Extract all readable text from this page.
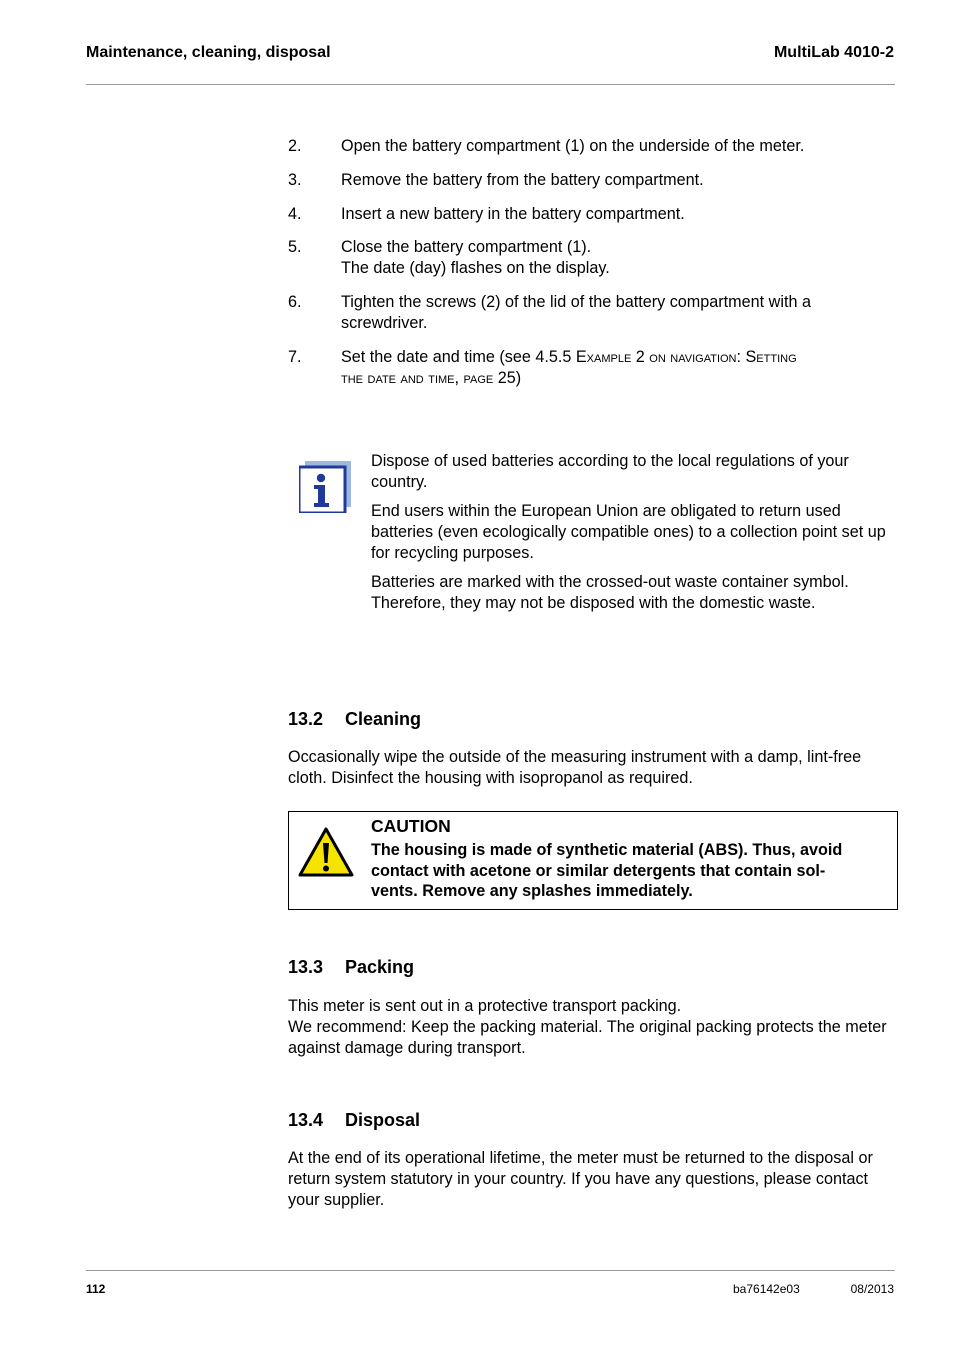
Maintenance, cleaning, disposal	MultiLab 4010-2
2. Open the battery compartment (1) on the underside of the meter.
3. Remove the battery from the battery compartment.
4. Insert a new battery in the battery compartment.
5. Close the battery compartment (1).
The date (day) flashes on the display.
6. Tighten the screws (2) of the lid of the battery compartment with a
screwdriver.
7. Set the date and time (see 4.5.5 Example 2 on navigation: Setting
the date and time, page 25)

Dispose of used batteries according to the local regulations of your country.

End users within the European Union are obligated to return used batteries (even ecologically compatible ones) to a collection point set up for recycling purposes.

Batteries are marked with the crossed-out waste container symbol. Therefore, they may not be disposed with the domestic waste.

13.2 Cleaning
Occasionally wipe the outside of the measuring instrument with a damp, lint-free cloth. Disinfect the housing with isopropanol as required.
CAUTION
The housing is made of synthetic material (ABS). Thus, avoid
contact with acetone or similar detergents that contain sol-
vents. Remove any splashes immediately.
13.3 Packing
This meter is sent out in a protective transport packing.
We recommend: Keep the packing material. The original packing protects the meter against damage during transport.
13.4 Disposal
At the end of its operational lifetime, the meter must be returned to the disposal or return system statutory in your country. If you have any questions, please contact your supplier.
112	ba76142e03	08/2013
